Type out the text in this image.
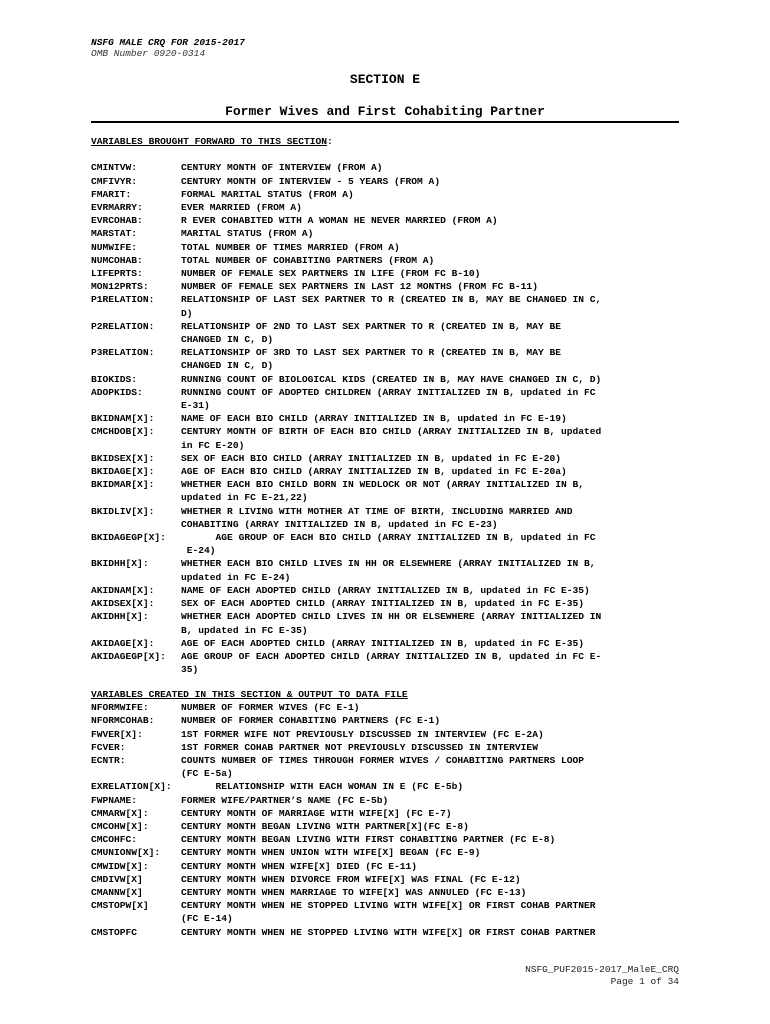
NSFG MALE CRQ FOR 2015-2017
OMB Number 0920-0314
SECTION E
Former Wives and First Cohabiting Partner
VARIABLES BROUGHT FORWARD TO THIS SECTION:
CMINTVW:	CENTURY MONTH OF INTERVIEW (FROM A)
CMFIVYR:	CENTURY MONTH OF INTERVIEW - 5 YEARS (FROM A)
FMARIT:	FORMAL MARITAL STATUS (FROM A)
EVRMARRY:	EVER MARRIED (FROM A)
EVRCOHAB:	R EVER COHABITED WITH A WOMAN HE NEVER MARRIED (FROM A)
MARSTAT:	MARITAL STATUS (FROM A)
NUMWIFE:	TOTAL NUMBER OF TIMES MARRIED (FROM A)
NUMCOHAB:	TOTAL NUMBER OF COHABITING PARTNERS (FROM A)
LIFEPRTS:	NUMBER OF FEMALE SEX PARTNERS IN LIFE (FROM FC B-10)
MON12PRTS:	NUMBER OF FEMALE SEX PARTNERS IN LAST 12 MONTHS (FROM FC B-11)
P1RELATION:	RELATIONSHIP OF LAST SEX PARTNER TO R (CREATED IN B, MAY BE CHANGED IN C,
D)
P2RELATION:	RELATIONSHIP OF 2ND TO LAST SEX PARTNER TO R (CREATED IN B, MAY BE
CHANGED IN C, D)
P3RELATION:	RELATIONSHIP OF 3RD TO LAST SEX PARTNER TO R (CREATED IN B, MAY BE
CHANGED IN C, D)
BIOKIDS:	RUNNING COUNT OF BIOLOGICAL KIDS (CREATED IN B, MAY HAVE CHANGED IN C, D)
ADOPKIDS:	RUNNING COUNT OF ADOPTED CHILDREN (ARRAY INITIALIZED IN B, updated in FC
E-31)
BKIDNAM[X]:	NAME OF EACH BIO CHILD (ARRAY INITIALIZED IN B, updated in FC E-19)
CMCHDOB[X]:	CENTURY MONTH OF BIRTH OF EACH BIO CHILD (ARRAY INITIALIZED IN B, updated
in FC E-20)
BKIDSEX[X]:	SEX OF EACH BIO CHILD (ARRAY INITIALIZED IN B, updated in FC E-20)
BKIDAGE[X]:	AGE OF EACH BIO CHILD (ARRAY INITIALIZED IN B, updated in FC E-20a)
BKIDMAR[X]:	WHETHER EACH BIO CHILD BORN IN WEDLOCK OR NOT (ARRAY INITIALIZED IN B,
updated in FC E-21,22)
BKIDLIV[X]:	WHETHER R LIVING WITH MOTHER AT TIME OF BIRTH, INCLUDING MARRIED AND
COHABITING (ARRAY INITIALIZED IN B, updated in FC E-23)
BKIDAGEGP[X]:	AGE GROUP OF EACH BIO CHILD (ARRAY INITIALIZED IN B, updated in FC
E-24)
BKIDHH[X]:	WHETHER EACH BIO CHILD LIVES IN HH OR ELSEWHERE (ARRAY INITIALIZED IN B,
updated in FC E-24)
AKIDNAM[X]:	NAME OF EACH ADOPTED CHILD (ARRAY INITIALIZED IN B, updated in FC E-35)
AKIDSEX[X]:	SEX OF EACH ADOPTED CHILD (ARRAY INITIALIZED IN B, updated in FC E-35)
AKIDHH[X]:	WHETHER EACH ADOPTED CHILD LIVES IN HH OR ELSEWHERE (ARRAY INITIALIZED IN
B, updated in FC E-35)
AKIDAGE[X]:	AGE OF EACH ADOPTED CHILD (ARRAY INITIALIZED IN B, updated in FC E-35)
AKIDAGEGP[X]:	AGE GROUP OF EACH ADOPTED CHILD (ARRAY INITIALIZED IN B, updated in FC E-
35)
VARIABLES CREATED IN THIS SECTION & OUTPUT TO DATA FILE
NFORMWIFE:	NUMBER OF FORMER WIVES (FC E-1)
NFORMCOHAB:	NUMBER OF FORMER COHABITING PARTNERS (FC E-1)
FWVER[X]:	1ST FORMER WIFE NOT PREVIOUSLY DISCUSSED IN INTERVIEW (FC E-2A)
FCVER:	1ST FORMER COHAB PARTNER NOT PREVIOUSLY DISCUSSED IN INTERVIEW
ECNTR:	COUNTS NUMBER OF TIMES THROUGH FORMER WIVES / COHABITING PARTNERS LOOP
(FC E-5a)
EXRELATION[X]: RELATIONSHIP WITH EACH WOMAN IN E (FC E-5b)
FWPNAME:	FORMER WIFE/PARTNER’S NAME (FC E-5b)
CMMARW[X]:	CENTURY MONTH OF MARRIAGE WITH WIFE[X] (FC E-7)
CMCOHW[X]:	CENTURY MONTH BEGAN LIVING WITH PARTNER[X](FC E-8)
CMCOHFC:	CENTURY MONTH BEGAN LIVING WITH FIRST COHABITING PARTNER (FC E-8)
CMUNIONW[X]:	CENTURY MONTH WHEN UNION WITH WIFE[X] BEGAN (FC E-9)
CMWIDW[X]:	CENTURY MONTH WHEN WIFE[X] DIED (FC E-11)
CMDIVW[X]	CENTURY MONTH WHEN DIVORCE FROM WIFE[X] WAS FINAL (FC E-12)
CMANNW[X]	CENTURY MONTH WHEN MARRIAGE TO WIFE[X] WAS ANNULED (FC E-13)
CMSTOPW[X]	CENTURY MONTH WHEN HE STOPPED LIVING WITH WIFE[X] OR FIRST COHAB PARTNER
(FC E-14)
CMSTOPFC	CENTURY MONTH WHEN HE STOPPED LIVING WITH WIFE[X] OR FIRST COHAB PARTNER
NSFG_PUF2015-2017_MaleE_CRQ
Page 1 of 34
